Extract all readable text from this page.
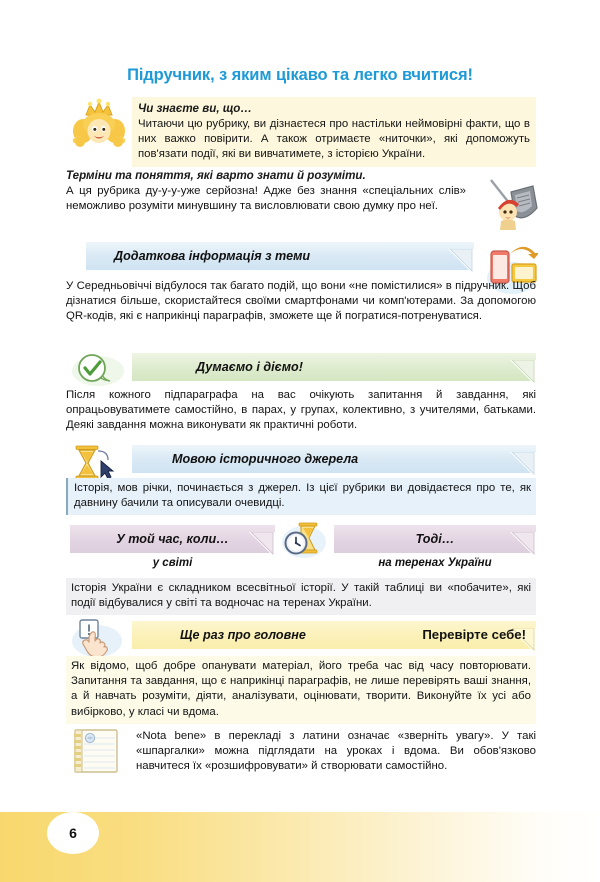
Підручник, з яким цікаво та легко вчитися!
Чи знаєте ви, що…

Читаючи цю рубрику, ви дізнаєтеся про настільки неймовірні факти, що в них важко повірити. А також отримаєте «ниточки», які допоможуть пов'язати події, які ви вивчатимете, з історією України.

Терміни та поняття, які варто знати й розуміти.

А ця рубрика ду-у-у-уже серйозна! Адже без знання «спеціальних слів» неможливо розуміти минувшину та висловлювати свою думку про неї.

Додаткова інформація з теми

У Середньовіччі відбулося так багато подій, що вони «не помістилися» в підручник. Щоб дізнатися більше, скористайтеся своїми смартфонами чи комп'ютерами. За допомогою QR-кодів, які є наприкінці параграфів, зможете ще й погратися-потренуватися.

Думаємо і діємо!

Після кожного підпараграфа на вас очікують запитання й завдання, які опрацьовуватимете самостійно, в парах, у групах, колективно, з учителями, батьками. Деякі завдання можна виконувати як практичні роботи.

Мовою історичного джерела

Історія, мов річки, починається з джерел. Із цієї рубрики ви довідаєтеся про те, як давнину бачили та описували очевидці.

У той час, коли…	Тоді…
у світі	на теренах України

Історія України є складником всесвітньої історії. У такій таблиці ви «побачите», які події відбувалися у світі та водночас на теренах України.

Ще раз про головне	Перевірте себе!

Як відомо, щоб добре опанувати матеріал, його треба час від часу повторювати. Запитання та завдання, що є наприкінці параграфів, не лише перевірять ваші знання, а й навчать розуміти, діяти, аналізувати, оцінювати, творити. Виконуйте їх усі або вибірково, у класі чи вдома.

«Nota bene» в перекладі з латини означає «зверніть увагу». У такі «шпаргалки» можна підглядати на уроках і вдома. Ви обов'язково навчитеся їх «розшифровувати» й створювати самостійно.

6
